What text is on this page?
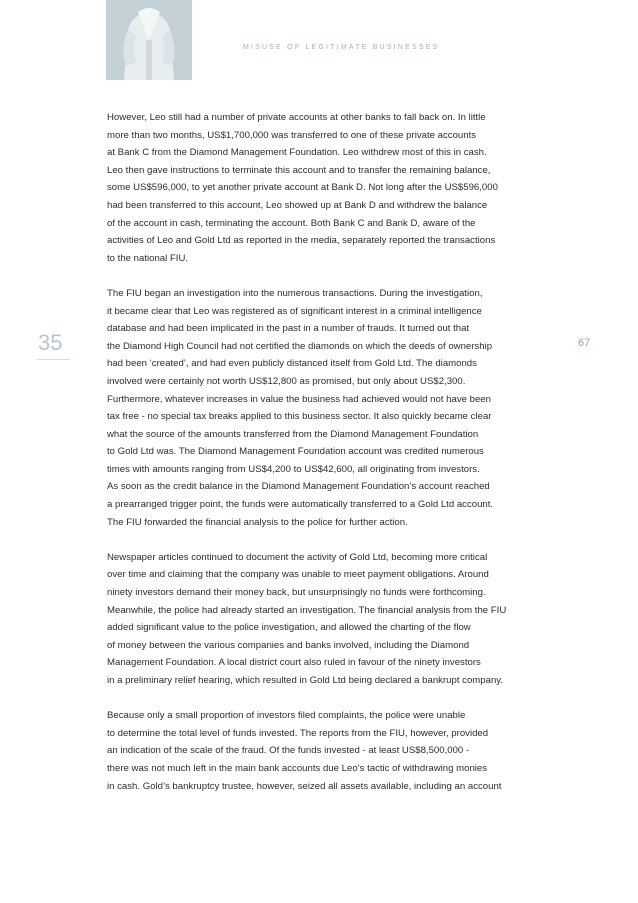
MISUSE OF LEGITIMATE BUSINESSES
35	67

However, Leo still had a number of private accounts at other banks to fall back on. In little
more than two months, US$1,700,000 was transferred to one of these private accounts
at Bank C from the Diamond Management Foundation. Leo withdrew most of this in cash.
Leo then gave instructions to terminate this account and to transfer the remaining balance,
some US$596,000, to yet another private account at Bank D. Not long after the US$596,000
had been transferred to this account, Leo showed up at Bank D and withdrew the balance
of the account in cash, terminating the account. Both Bank C and Bank D, aware of the
activities of Leo and Gold Ltd as reported in the media, separately reported the transactions
to the national FIU.

The FIU began an investigation into the numerous transactions. During the investigation,
it became clear that Leo was registered as of significant interest in a criminal intelligence
database and had been implicated in the past in a number of frauds. It turned out that
the Diamond High Council had not certified the diamonds on which the deeds of ownership
had been ‘created’, and had even publicly distanced itself from Gold Ltd. The diamonds
involved were certainly not worth US$12,800 as promised, but only about US$2,300.
Furthermore, whatever increases in value the business had achieved would not have been
tax free - no special tax breaks applied to this business sector. It also quickly became clear
what the source of the amounts transferred from the Diamond Management Foundation
to Gold Ltd was. The Diamond Management Foundation account was credited numerous
times with amounts ranging from US$4,200 to US$42,600, all originating from investors.
As soon as the credit balance in the Diamond Management Foundation’s account reached
a prearranged trigger point, the funds were automatically transferred to a Gold Ltd account.
The FIU forwarded the financial analysis to the police for further action.

Newspaper articles continued to document the activity of Gold Ltd, becoming more critical
over time and claiming that the company was unable to meet payment obligations. Around
ninety investors demand their money back, but unsurprisingly no funds were forthcoming.
Meanwhile, the police had already started an investigation. The financial analysis from the FIU
added significant value to the police investigation, and allowed the charting of the flow
of money between the various companies and banks involved, including the Diamond
Management Foundation. A local district court also ruled in favour of the ninety investors
in a preliminary relief hearing, which resulted in Gold Ltd being declared a bankrupt company.

Because only a small proportion of investors filed complaints, the police were unable
to determine the total level of funds invested. The reports from the FIU, however, provided
an indication of the scale of the fraud. Of the funds invested - at least US$8,500,000 -
there was not much left in the main bank accounts due Leo’s tactic of withdrawing monies
in cash. Gold’s bankruptcy trustee, however, seized all assets available, including an account
